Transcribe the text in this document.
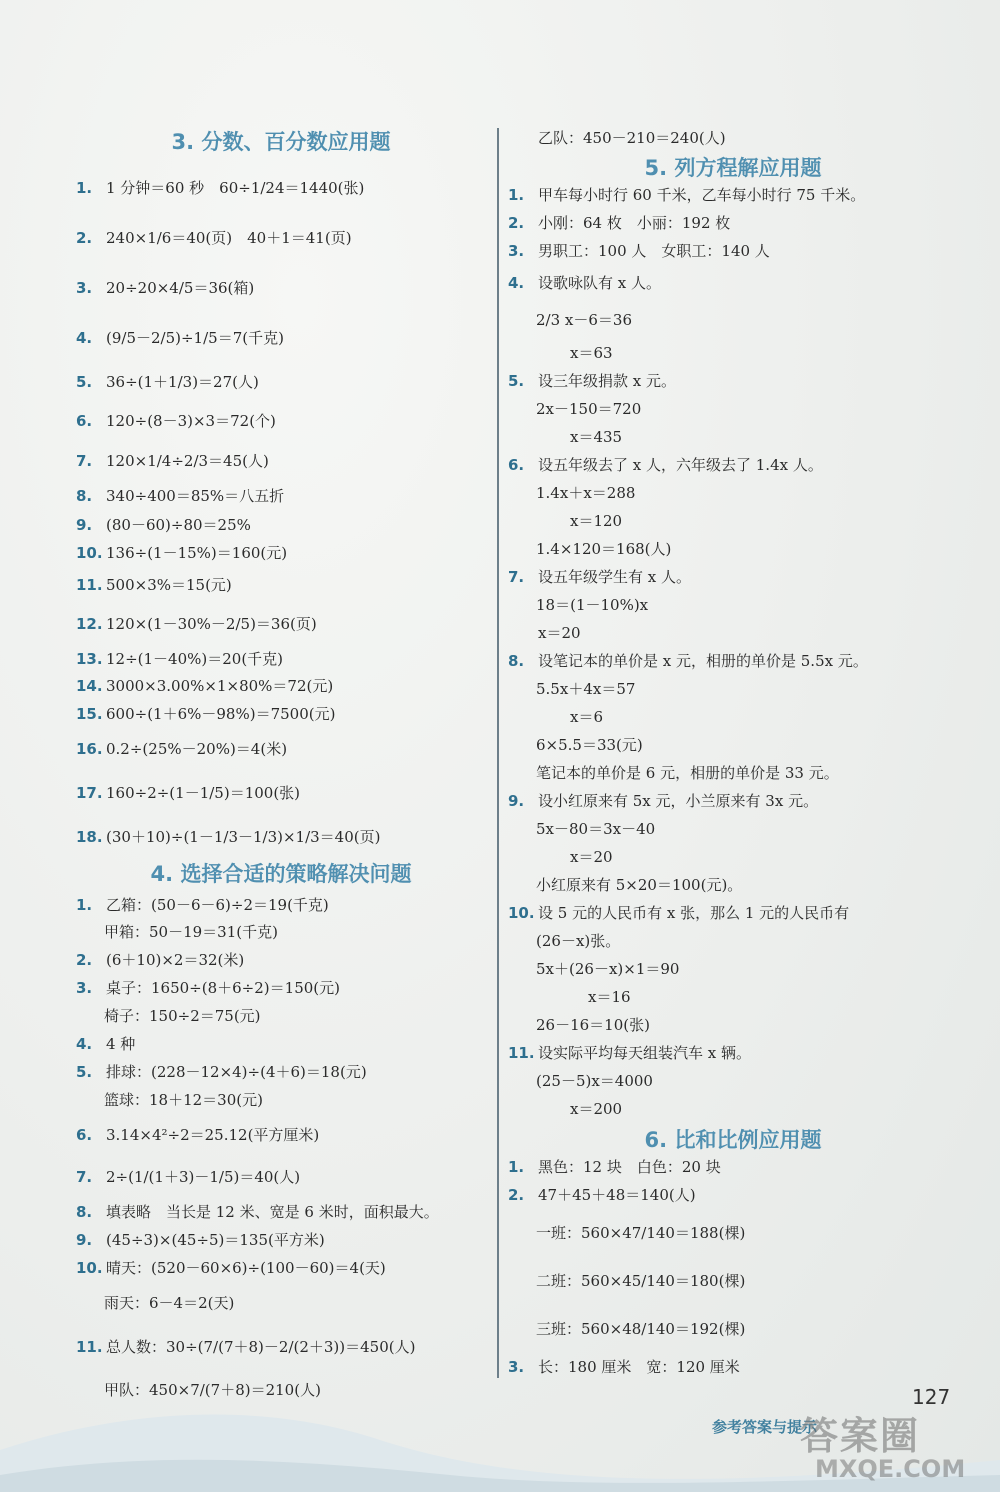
3. 分数、百分数应用题
1. 1 分钟＝60 秒　60÷1/24＝1440(张)
2. 240×1/6＝40(页)　40＋1＝41(页)
3. 20÷20×4/5＝36(箱)
4. (9/5－2/5)÷1/5＝7(千克)
5. 36÷(1＋1/3)＝27(人)
6. 120÷(8－3)×3＝72(个)
7. 120×1/4÷2/3＝45(人)
8. 340÷400＝85%＝八五折
9. (80－60)÷80＝25%
10. 136÷(1－15%)＝160(元)
11. 500×3%＝15(元)
12. 120×(1－30%－2/5)＝36(页)
13. 12÷(1－40%)＝20(千克)
14. 3000×3.00%×1×80%＝72(元)
15. 600÷(1＋6%－98%)＝7500(元)
16. 0.2÷(25%－20%)＝4(米)
17. 160÷2÷(1－1/5)＝100(张)
18. (30＋10)÷(1－1/3－1/3)×1/3＝40(页)
4. 选择合适的策略解决问题
1. 乙箱：(50－6－6)÷2＝19(千克)
甲箱：50－19＝31(千克)
2. (6＋10)×2＝32(米)
3. 桌子：1650÷(8＋6÷2)＝150(元)
椅子：150÷2＝75(元)
4. 4 种
5. 排球：(228－12×4)÷(4＋6)＝18(元)
篮球：18＋12＝30(元)
6. 3.14×4²÷2＝25.12(平方厘米)
7. 2÷(1/(1＋3)－1/5)＝40(人)
8. 填表略　当长是 12 米、宽是 6 米时，面积最大。
9. (45÷3)×(45÷5)＝135(平方米)
10. 晴天：(520－60×6)÷(100－60)＝4(天)
雨天：6－4＝2(天)
11. 总人数：30÷(7/(7＋8)－2/(2＋3))＝450(人)
甲队：450×7/(7＋8)＝210(人)
乙队：450－210＝240(人)
5. 列方程解应用题
1. 甲车每小时行 60 千米，乙车每小时行 75 千米。
2. 小刚：64 枚　小丽：192 枚
3. 男职工：100 人　女职工：140 人
4. 设歌咏队有 x 人。
2/3 x－6＝36
x＝63
5. 设三年级捐款 x 元。
2x－150＝720
x＝435
6. 设五年级去了 x 人，六年级去了 1.4x 人。
1.4x＋x＝288
x＝120
1.4×120＝168(人)
7. 设五年级学生有 x 人。
18＝(1－10%)x
x＝20
8. 设笔记本的单价是 x 元，相册的单价是 5.5x 元。
5.5x＋4x＝57
x＝6
6×5.5＝33(元)
笔记本的单价是 6 元，相册的单价是 33 元。
9. 设小红原来有 5x 元，小兰原来有 3x 元。
5x－80＝3x－40
x＝20
小红原来有 5×20＝100(元)。
10. 设 5 元的人民币有 x 张，那么 1 元的人民币有
(26－x)张。
5x＋(26－x)×1＝90
x＝16
26－16＝10(张)
11. 设实际平均每天组装汽车 x 辆。
(25－5)x＝4000
x＝200
6. 比和比例应用题
1. 黑色：12 块　白色：20 块
2. 47＋45＋48＝140(人)
一班：560×47/140＝188(棵)
二班：560×45/140＝180(棵)
三班：560×48/140＝192(棵)
3. 长：180 厘米　宽：120 厘米
127
参考答案与提示
答案圈
MXQE.COM
